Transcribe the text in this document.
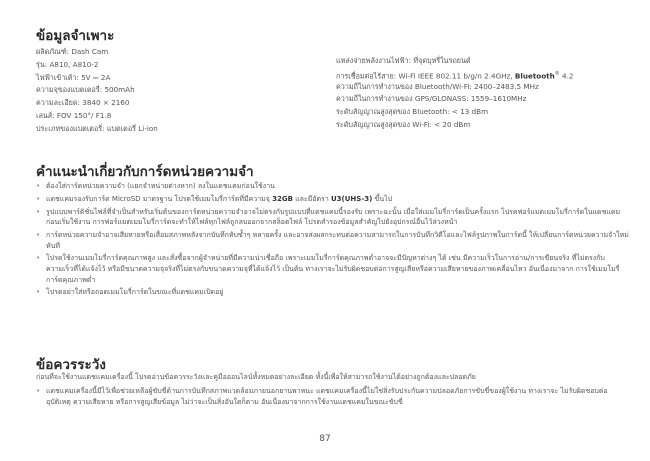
ข้อมูลจำเพาะ
ผลิตภัณฑ์: Dash Cam
รุ่น: A810, A810-2
ไฟฟ้าเข้าเต้า: 5V ⎓ 2A
ความจุของแบตเตอรี่: 500mAh
ความละเอียด: 3840 × 2160
เลนส์: FOV 150°/ F1.8
ประเภทของแบตเตอรี่: แบตเตอรี่ Li-ion
แหล่งจ่ายพลังงานไฟฟ้า: ที่จุดบุหรี่ในรถยนต์
การเชื่อมต่อไร้สาย: Wi-Fi IEEE 802.11 b/g/n 2.4GHz, Bluetooth® 4.2
ความถี่ในการทำงานของ Bluetooth/Wi-Fi: 2400–2483.5 MHz
ความถี่ในการทำงานของ GPS/GLONASS: 1559–1610MHz
ระดับสัญญาณสูงสุดของ Bluetooth: < 13 dBm
ระดับสัญญาณสูงสุดของ Wi-Fi: < 20 dBm
คำแนะนำเกี่ยวกับการ์ดหน่วยความจำ
• ต้องใส่การ์ดหน่วยความจำ (แยกจำหน่ายต่างหาก) ลงในแดชแคมก่อนใช้งาน
• แดชแคมรองรับการ์ด MicroSD มาตรฐาน โปรดใช้เมมโมรี่การ์ดที่มีความจุ 32GB และมีอัตรา U3(UHS-3) ขึ้นไป
• รูปแบบพาร์ติชั่นไฟล์ที่จำเป็นสำหรับเริ่มต้นของการ์ดหน่วยความจำอาจไม่ตรงกับรูปแบบที่แดชแคมนี้รองรับ เพราะฉะนั้น เมื่อใส่เมมโมรี่การ์ดเป็นครั้งแรก โปรดฟอร์แมตเมมโมรี่การ์ดในแดชแคมก่อนเริ่มใช้งาน การฟอร์แมตเมมโมรี่การ์ดจะทำให้ไฟล์ทุกไฟล์ถูกลบออกจากสล็อตไฟล์ โปรดสำรองข้อมูลสำคัญไปยังอุปกรณ์อื่นไว้ล่วงหน้า
• การ์ดหน่วยความจำอาจเสียหายหรือเสื่อมสภาพหลังจากบันทึกทับซ้ำๆ หลายครั้ง และอาจส่งผลกระทบต่อความสามารถในการบันทึกวิดีโอและไฟล์รูปภาพในการ์ดนี้ ให้เปลี่ยนการ์ดหน่วยความจำใหม่ทันที
• โปรดใช้งานเมมโมรี่การ์ดคุณภาพสูง และสั่งซื้อจากผู้จำหน่ายที่มีความน่าเชื่อถือ เพราะเมมโมรี่การ์ดคุณภาพต่ำอาจจะมีปัญหาต่างๆ ได้ เช่น มีความเร็วในการอ่าน/การเขียนจริง ที่ไม่ตรงกับความเร็วที่ได้แจ้งไว้ หรือมีขนาดความจุจริงที่ไม่ตรงกับขนาดความจุที่ได้แจ้งไว้ เป็นต้น ทางเราจะไม่รับผิดชอบต่อการสูญเสียหรือความเสียหายของภาพเคลื่อนไหว อันเนื่องมาจาก การใช้เมมโมรี่การ์ดคุณภาพต่ำ
• โปรดอย่าใส่หรือถอดเมมโมรี่การ์ดในขณะที่แดชแคมเปิดอยู่
ข้อควรระวัง

ก่อนที่จะใช้งานแดชแคมเครื่องนี้ โปรดอ่านข้อควรระวังและคู่มือออนไลน์ทั้งหมดอย่างละเอียด ทั้งนี้เพื่อให้สามารถใช้งานได้อย่างถูกต้องและปลอดภัย

• แดชแคมเครื่องนี้มีไว้เพื่อช่วยเหลือผู้ขับขี่ด้านการบันทึกสภาพแวดล้อมภายนอกยานพาหนะ แดชแคมเครื่องนี้ไม่ใช่สิ่งรับประกันความปลอดภัยการขับขี่ของผู้ใช้งาน ทางเราจะ ไม่รับผิดชอบต่ออุบัติเหตุ ความเสียหาย หรือการสูญเสียข้อมูล ไม่ว่าจะเป็นสิ่งอันใดก็ตาม อันเนื่องมาจากการใช้งานแดชแคมในขณะขับขี่
87
